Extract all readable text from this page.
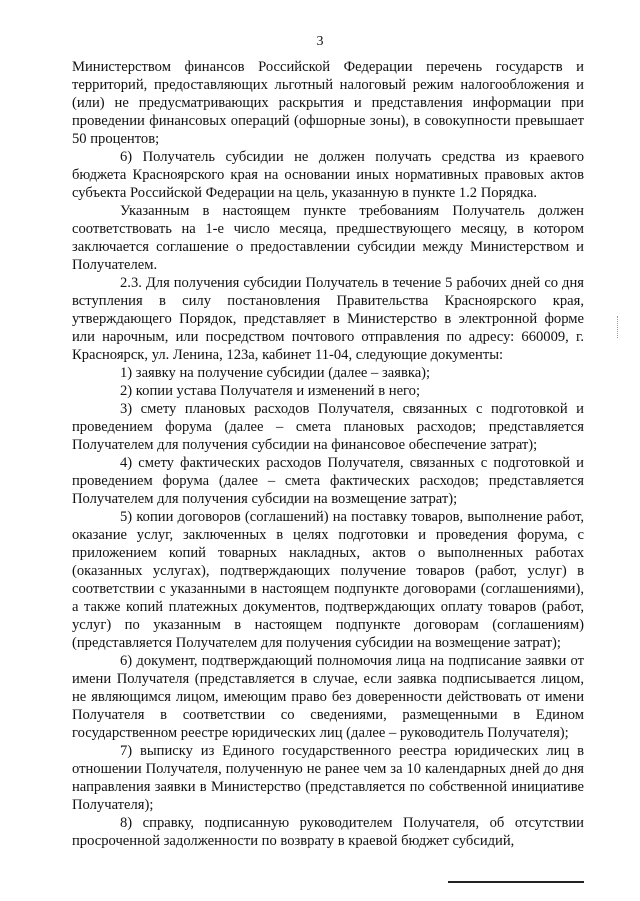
3

Министерством финансов Российской Федерации перечень государств и территорий, предоставляющих льготный налоговый режим налогообложения и (или) не предусматривающих раскрытия и представления информации при проведении финансовых операций (офшорные зоны), в совокупности превышает 50 процентов;

6) Получатель субсидии не должен получать средства из краевого бюджета Красноярского края на основании иных нормативных правовых актов субъекта Российской Федерации на цель, указанную в пункте 1.2 Порядка.

Указанным в настоящем пункте требованиям Получатель должен соответствовать на 1-е число месяца, предшествующего месяцу, в котором заключается соглашение о предоставлении субсидии между Министерством и Получателем.

2.3. Для получения субсидии Получатель в течение 5 рабочих дней со дня вступления в силу постановления Правительства Красноярского края, утверждающего Порядок, представляет в Министерство в электронной форме или нарочным, или посредством почтового отправления по адресу: 660009, г. Красноярск, ул. Ленина, 123а, кабинет 11-04, следующие документы:

1) заявку на получение субсидии (далее – заявка);

2) копии устава Получателя и изменений в него;

3) смету плановых расходов Получателя, связанных с подготовкой и проведением форума (далее – смета плановых расходов; представляется Получателем для получения субсидии на финансовое обеспечение затрат);

4) смету фактических расходов Получателя, связанных с подготовкой и проведением форума (далее – смета фактических расходов; представляется Получателем для получения субсидии на возмещение затрат);

5) копии договоров (соглашений) на поставку товаров, выполнение работ, оказание услуг, заключенных в целях подготовки и проведения форума, с приложением копий товарных накладных, актов о выполненных работах (оказанных услугах), подтверждающих получение товаров (работ, услуг) в соответствии с указанными в настоящем подпункте договорами (соглашениями), а также копий платежных документов, подтверждающих оплату товаров (работ, услуг) по указанным в настоящем подпункте договорам (соглашениям) (представляется Получателем для получения субсидии на возмещение затрат);

6) документ, подтверждающий полномочия лица на подписание заявки от имени Получателя (представляется в случае, если заявка подписывается лицом, не являющимся лицом, имеющим право без доверенности действовать от имени Получателя в соответствии со сведениями, размещенными в Едином государственном реестре юридических лиц (далее – руководитель Получателя);

7) выписку из Единого государственного реестра юридических лиц в отношении Получателя, полученную не ранее чем за 10 календарных дней до дня направления заявки в Министерство (представляется по собственной инициативе Получателя);

8) справку, подписанную руководителем Получателя, об отсутствии просроченной задолженности по возврату в краевой бюджет субсидий,
